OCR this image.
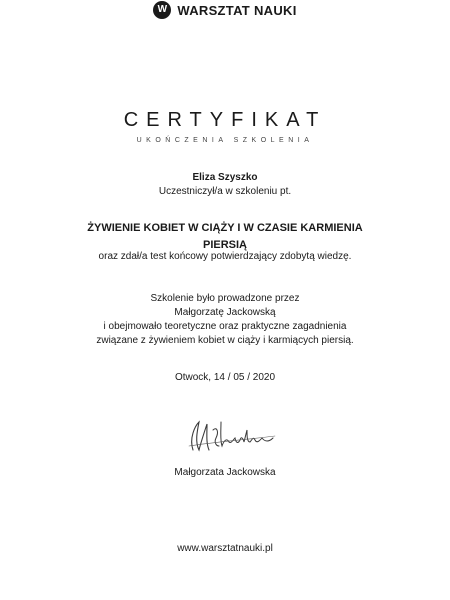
W WARSZTAT NAUKI
CERTYFIKAT
UKOŃCZENIA SZKOLENIA
Eliza Szyszko
Uczestniczył/a w szkoleniu pt.
ŻYWIENIE KOBIET W CIĄŻY I W CZASIE KARMIENIA
PIERSIĄ
oraz zdał/a test końcowy potwierdzający zdobytą wiedzę.
Szkolenie było prowadzone przez
Małgorzatę Jackowską
i obejmowało teoretyczne oraz praktyczne zagadnienia
związane z żywieniem kobiet w ciąży i karmiących piersią.
Otwock, 14 / 05 / 2020
Małgorzata Jackowska
www.warsztatnauki.pl
